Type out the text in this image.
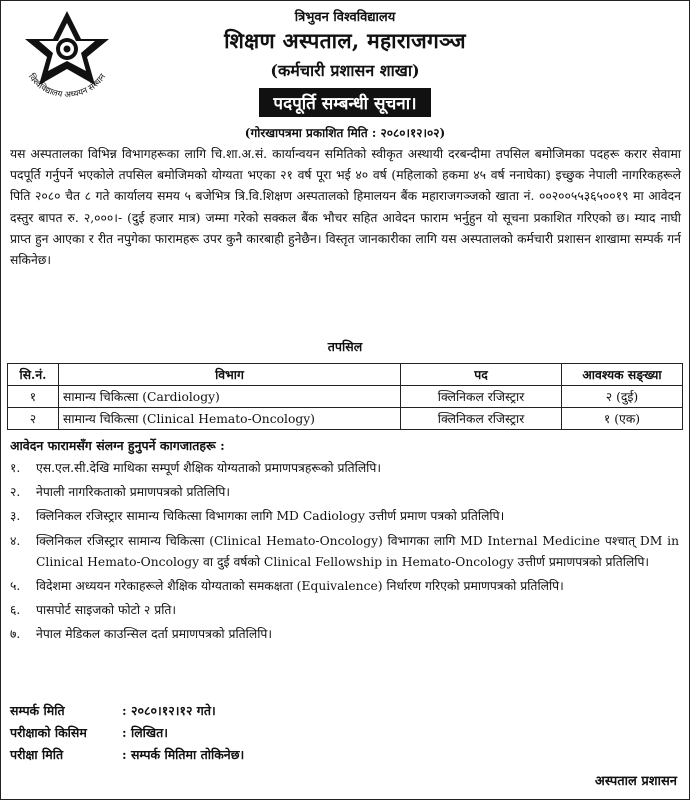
विश्वविद्यालय अध्ययन संस्थान
त्रिभुवन विश्वविद्यालय
शिक्षण अस्पताल, महाराजगञ्ज
(कर्मचारी प्रशासन शाखा)
पदपूर्ति सम्बन्धी सूचना।
(गोरखापत्रमा प्रकाशित मिति : २०८०।१२।०२)
यस अस्पतालका विभिन्न विभागहरूका लागि चि.शा.अ.सं. कार्यान्वयन समितिको स्वीकृत अस्थायी दरबन्दीमा तपसिल बमोजिमका पदहरू करार सेवामा पदपूर्ति गर्नुपर्ने भएकोले तपसिल बमोजिमको योग्यता भएका २१ वर्ष पूरा भई ४० वर्ष (महिलाको हकमा ४५ वर्ष ननाघेका) इच्छुक नेपाली नागरिकहरूले पिति २०८० चैत ८ गते कार्यालय समय ५ बजेभित्र त्रि.वि.शिक्षण अस्पतालको हिमालयन बैंक महाराजगञ्जको खाता नं. ००२००५५३६५००१९ मा आवेदन दस्तुर बापत रु. २,०००।- (दुई हजार मात्र) जम्मा गरेको सक्कल बैंक भौचर सहित आवेदन फाराम भर्नुहुन यो सूचना प्रकाशित गरिएको छ। म्याद नाघी प्राप्त हुन आएका र रीत नपुगेका फारामहरू उपर कुनै कारबाही हुनेछैन। विस्तृत जानकारीका लागि यस अस्पतालको कर्मचारी प्रशासन शाखामा सम्पर्क गर्न सकिनेछ।
तपसिल
सि.नं.	विभाग	पद	आवश्यक सङ्ख्या
१	सामान्य चिकित्सा (Cardiology)	क्लिनिकल रजिस्ट्रार	२ (दुई)
२	सामान्य चिकित्सा (Clinical Hemato-Oncology)	क्लिनिकल रजिस्ट्रार	१ (एक)
आवेदन फारामसँग संलग्न हुनुपर्ने कागजातहरू :
१.	एस.एल.सी.देखि माथिका सम्पूर्ण शैक्षिक योग्यताको प्रमाणपत्रहरूको प्रतिलिपि।
२.	नेपाली नागरिकताको प्रमाणपत्रको प्रतिलिपि।
३.	क्लिनिकल रजिस्ट्रार सामान्य चिकित्सा विभागका लागि MD Cadiology उत्तीर्ण प्रमाण पत्रको प्रतिलिपि।
४.	क्लिनिकल रजिस्ट्रार सामान्य चिकित्सा (Clinical Hemato-Oncology) विभागका लागि MD Internal Medicine पश्चात् DM in Clinical Hemato-Oncology वा दुई वर्षको Clinical Fellowship in Hemato-Oncology उत्तीर्ण प्रमाणपत्रको प्रतिलिपि।
५.	विदेशमा अध्ययन गरेकाहरूले शैक्षिक योग्यताको समकक्षता (Equivalence) निर्धारण गरिएको प्रमाणपत्रको प्रतिलिपि।
६.	पासपोर्ट साइजको फोटो २ प्रति।
७.	नेपाल मेडिकल काउन्सिल दर्ता प्रमाणपत्रको प्रतिलिपि।
सम्पर्क मिति	: २०८०।१२।१२ गते।
परीक्षाको किसिम	: लिखित।
परीक्षा मिति	: सम्पर्क मितिमा तोकिनेछ।
अस्पताल प्रशासन
